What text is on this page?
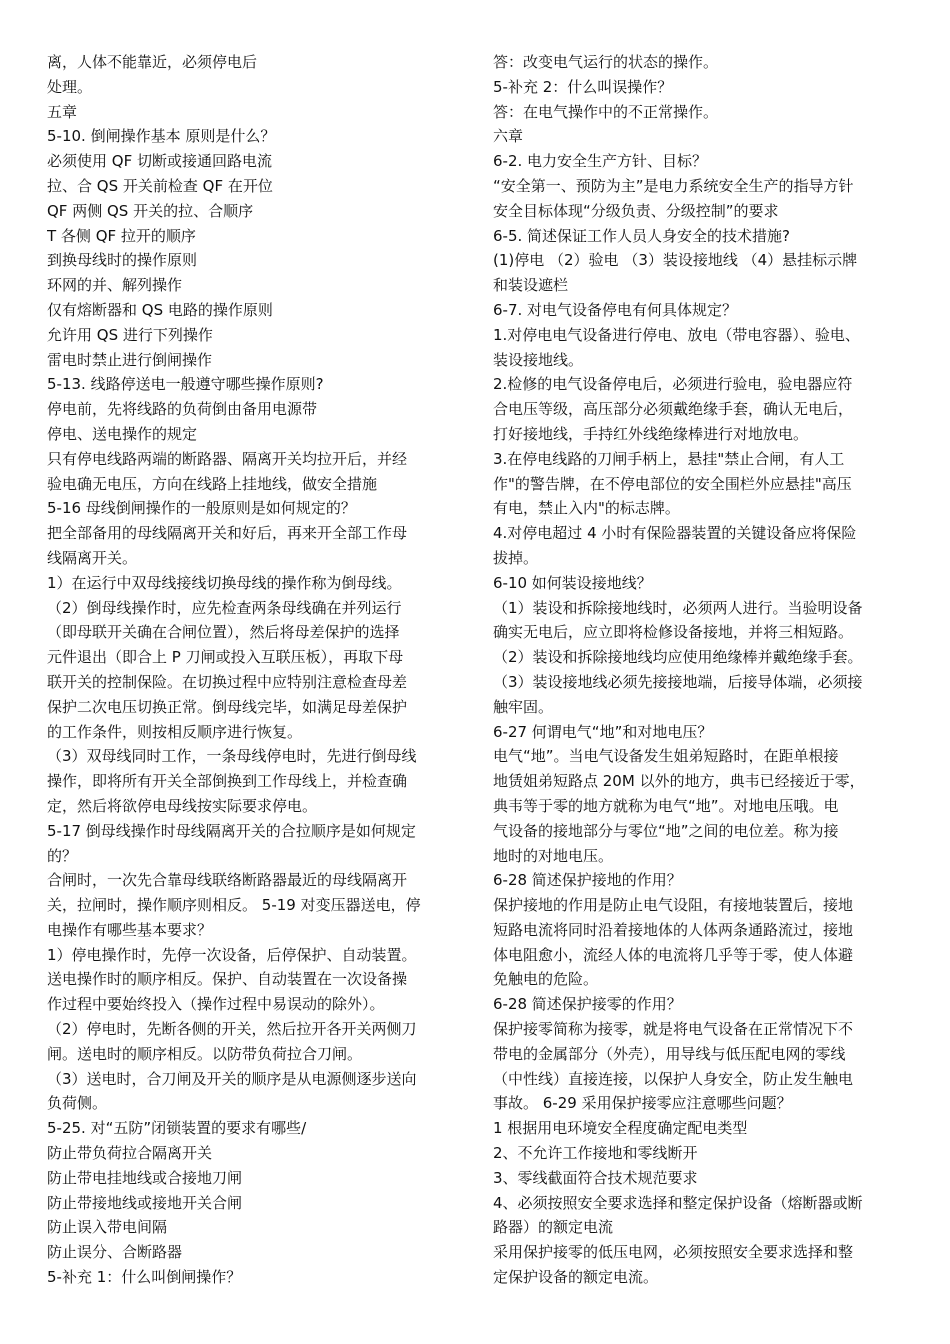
离，人体不能靠近，必须停电后
处理。
五章
5-10. 倒闸操作基本 原则是什么？
必须使用 QF 切断或接通回路电流
拉、合 QS 开关前检查 QF 在开位
QF 两侧 QS 开关的拉、合顺序
T 各侧 QF 拉开的顺序
到换母线时的操作原则
环网的并、解列操作
仅有熔断器和 QS 电路的操作原则
允许用 QS 进行下列操作
雷电时禁止进行倒闸操作
5-13. 线路停送电一般遵守哪些操作原则?
停电前，先将线路的负荷倒由备用电源带
停电、送电操作的规定
只有停电线路两端的断路器、隔离开关均拉开后，并经
验电确无电压，方向在线路上挂地线，做安全措施
5-16 母线倒闸操作的一般原则是如何规定的？
把全部备用的母线隔离开关和好后，再来开全部工作母
线隔离开关。
1）在运行中双母线接线切换母线的操作称为倒母线。
（2）倒母线操作时，应先检查两条母线确在并列运行
（即母联开关确在合闸位置），然后将母差保护的选择
元件退出（即合上 P 刀闸或投入互联压板），再取下母
联开关的控制保险。在切换过程中应特别注意检查母差
保护二次电压切换正常。倒母线完毕，如满足母差保护
的工作条件，则按相反顺序进行恢复。
（3）双母线同时工作，一条母线停电时，先进行倒母线
操作，即将所有开关全部倒换到工作母线上，并检查确
定，然后将欲停电母线按实际要求停电。
5-17 倒母线操作时母线隔离开关的合拉顺序是如何规定
的？
合闸时，一次先合靠母线联络断路器最近的母线隔离开
关，拉闸时，操作顺序则相反。 5-19 对变压器送电，停
电操作有哪些基本要求？
1）停电操作时，先停一次设备，后停保护、自动装置。
送电操作时的顺序相反。保护、自动装置在一次设备操
作过程中要始终投入（操作过程中易误动的除外）。
（2）停电时，先断各侧的开关，然后拉开各开关两侧刀
闸。送电时的顺序相反。以防带负荷拉合刀闸。
（3）送电时，合刀闸及开关的顺序是从电源侧逐步送向
负荷侧。
5-25. 对“五防”闭锁装置的要求有哪些/
防止带负荷拉合隔离开关
防止带电挂地线或合接地刀闸
防止带接地线或接地开关合闸
防止误入带电间隔
防止误分、合断路器
5-补充 1：什么叫倒闸操作？
答：改变电气运行的状态的操作。
5-补充 2：什么叫误操作？
答：在电气操作中的不正常操作。
六章
6-2. 电力安全生产方针、目标？
“安全第一、预防为主”是电力系统安全生产的指导方针
安全目标体现“分级负责、分级控制”的要求
6-5. 简述保证工作人员人身安全的技术措施?
(1)停电 （2）验电 （3）装设接地线 （4）悬挂标示牌
和装设遮栏
6-7. 对电气设备停电有何具体规定？
1.对停电电气设备进行停电、放电（带电容器）、验电、
装设接地线。
2.检修的电气设备停电后，必须进行验电，验电器应符
合电压等级，高压部分必须戴绝缘手套，确认无电后，
打好接地线，手持红外线绝缘棒进行对地放电。
3.在停电线路的刀闸手柄上，悬挂"禁止合闸，有人工
作"的警告牌，在不停电部位的安全围栏外应悬挂"高压
有电，禁止入内"的标志牌。
4.对停电超过 4 小时有保险器装置的关键设备应将保险
拔掉。
6-10 如何装设接地线？
（1）装设和拆除接地线时，必须两人进行。当验明设备
确实无电后，应立即将检修设备接地，并将三相短路。
（2）装设和拆除接地线均应使用绝缘棒并戴绝缘手套。
（3）装设接地线必须先接接地端，后接导体端，必须接
触牢固。
6-27 何谓电气“地”和对地电压？
电气“地”。当电气设备发生姐弟短路时，在距单根接
地赁姐弟短路点 20M 以外的地方，典韦已经接近于零，
典韦等于零的地方就称为电气“地”。对地电压哦。电
气设备的接地部分与零位“地”之间的电位差。称为接
地时的对地电压。
6-28 简述保护接地的作用？
保护接地的作用是防止电气设阻，有接地装置后，接地
短路电流将同时沿着接地体的人体两条通路流过，接地
体电阻愈小，流经人体的电流将几乎等于零，使人体避
免触电的危险。
6-28 简述保护接零的作用？
保护接零简称为接零，就是将电气设备在正常情况下不
带电的金属部分（外壳），用导线与低压配电网的零线
（中性线）直接连接，以保护人身安全，防止发生触电
事故。 6-29 采用保护接零应注意哪些问题？
1 根据用电环境安全程度确定配电类型
2、不允许工作接地和零线断开
3、零线截面符合技术规范要求
4、必须按照安全要求选择和整定保护设备（熔断器或断
路器）的额定电流
采用保护接零的低压电网，必须按照安全要求选择和整
定保护设备的额定电流。
